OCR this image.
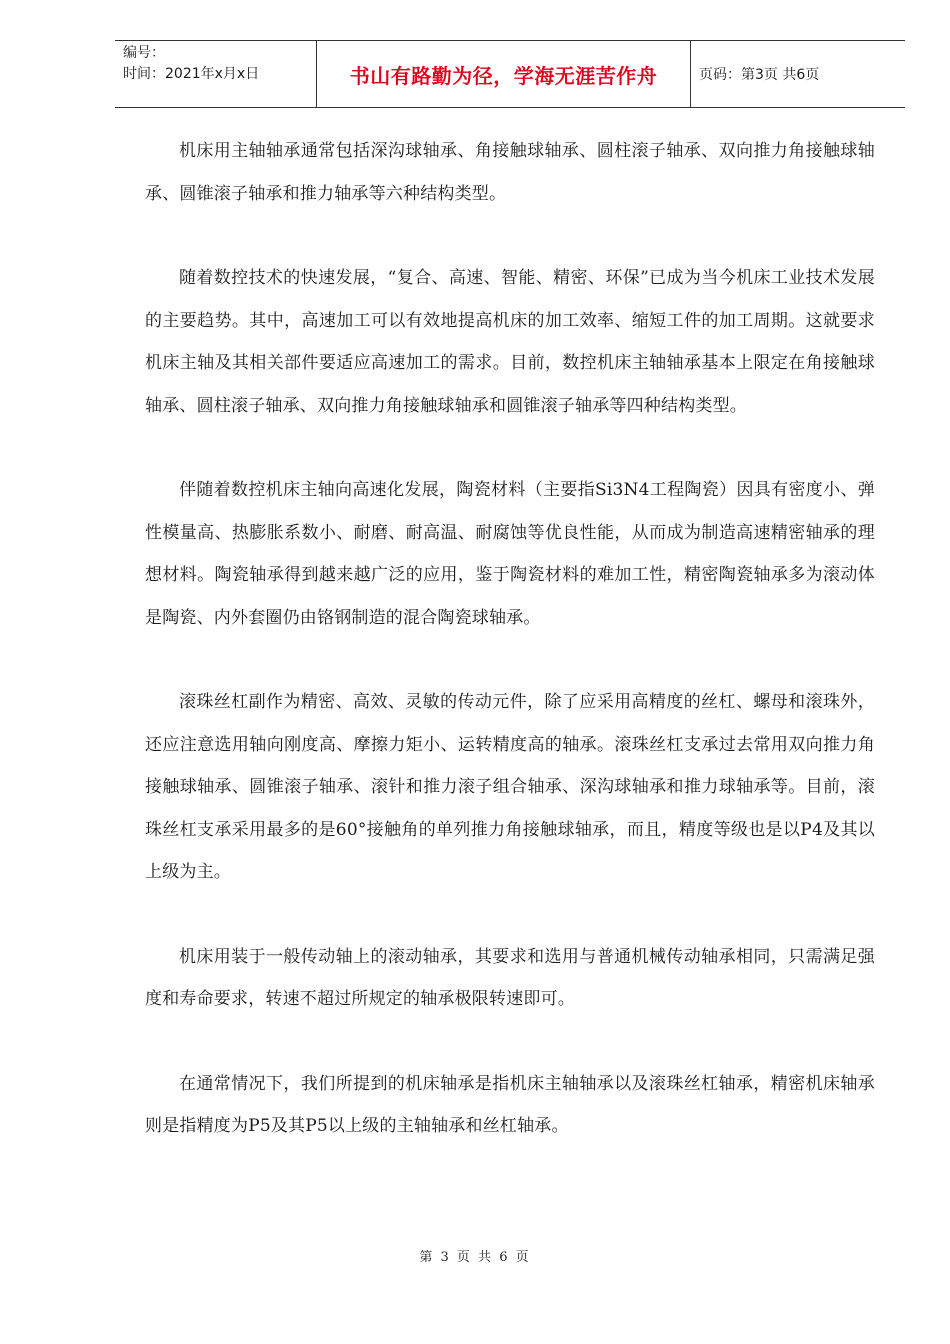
编号：
时间：2021年x月x日	书山有路勤为径，学海无涯苦作舟	页码：第3页 共6页

机床用主轴轴承通常包括深沟球轴承、角接触球轴承、圆柱滚子轴承、双向推力角接触球轴承、圆锥滚子轴承和推力轴承等六种结构类型。

随着数控技术的快速发展，“复合、高速、智能、精密、环保”已成为当今机床工业技术发展的主要趋势。其中，高速加工可以有效地提高机床的加工效率、缩短工件的加工周期。这就要求机床主轴及其相关部件要适应高速加工的需求。目前，数控机床主轴轴承基本上限定在角接触球轴承、圆柱滚子轴承、双向推力角接触球轴承和圆锥滚子轴承等四种结构类型。

伴随着数控机床主轴向高速化发展，陶瓷材料（主要指Si3N4工程陶瓷）因具有密度小、弹性模量高、热膨胀系数小、耐磨、耐高温、耐腐蚀等优良性能，从而成为制造高速精密轴承的理想材料。陶瓷轴承得到越来越广泛的应用，鉴于陶瓷材料的难加工性，精密陶瓷轴承多为滚动体是陶瓷、内外套圈仍由铬钢制造的混合陶瓷球轴承。

滚珠丝杠副作为精密、高效、灵敏的传动元件，除了应采用高精度的丝杠、螺母和滚珠外，还应注意选用轴向刚度高、摩擦力矩小、运转精度高的轴承。滚珠丝杠支承过去常用双向推力角接触球轴承、圆锥滚子轴承、滚针和推力滚子组合轴承、深沟球轴承和推力球轴承等。目前，滚珠丝杠支承采用最多的是60°接触角的单列推力角接触球轴承，而且，精度等级也是以P4及其以上级为主。

机床用装于一般传动轴上的滚动轴承，其要求和选用与普通机械传动轴承相同，只需满足强度和寿命要求，转速不超过所规定的轴承极限转速即可。

在通常情况下，我们所提到的机床轴承是指机床主轴轴承以及滚珠丝杠轴承，精密机床轴承则是指精度为P5及其P5以上级的主轴轴承和丝杠轴承。

第 3 页 共 6 页
